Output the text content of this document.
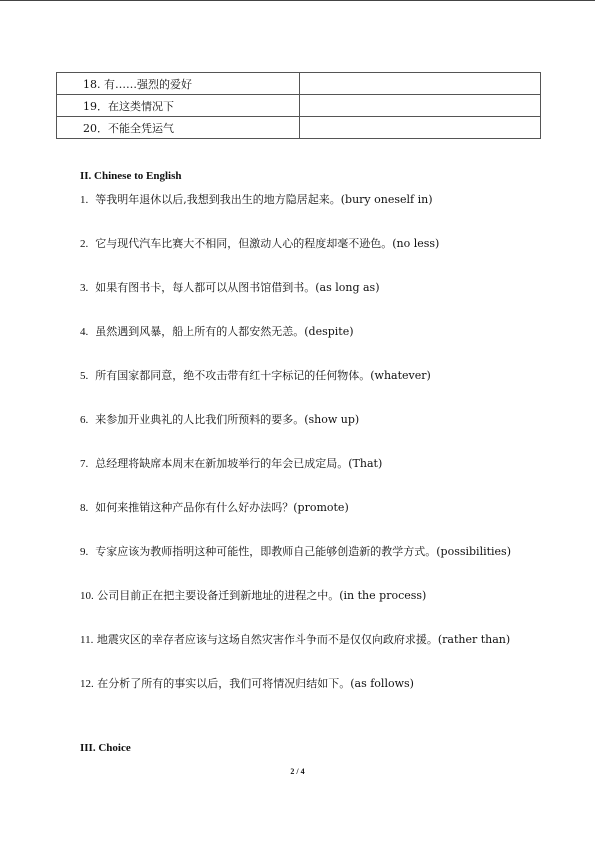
18. 有……强烈的爱好	
19．在这类情况下	
20．不能全凭运气	
II. Chinese to English
1. 等我明年退休以后,我想到我出生的地方隐居起来。(bury oneself in)
2. 它与现代汽车比赛大不相同，但激动人心的程度却毫不逊色。(no less)
3. 如果有图书卡，每人都可以从图书馆借到书。(as long as)
4. 虽然遇到风暴，船上所有的人都安然无恙。(despite)
5. 所有国家都同意，绝不攻击带有红十字标记的任何物体。(whatever)
6. 来参加开业典礼的人比我们所预料的要多。(show up)
7. 总经理将缺席本周末在新加坡举行的年会已成定局。(That)
8. 如何来推销这种产品你有什么好办法吗？(promote)
9. 专家应该为教师指明这种可能性，即教师自己能够创造新的教学方式。(possibilities)
10. 公司目前正在把主要设备迁到新地址的进程之中。(in the process)
11. 地震灾区的幸存者应该与这场自然灾害作斗争而不是仅仅向政府求援。(rather than)
12. 在分析了所有的事实以后，我们可将情况归结如下。(as follows)
III. Choice
2 / 4
